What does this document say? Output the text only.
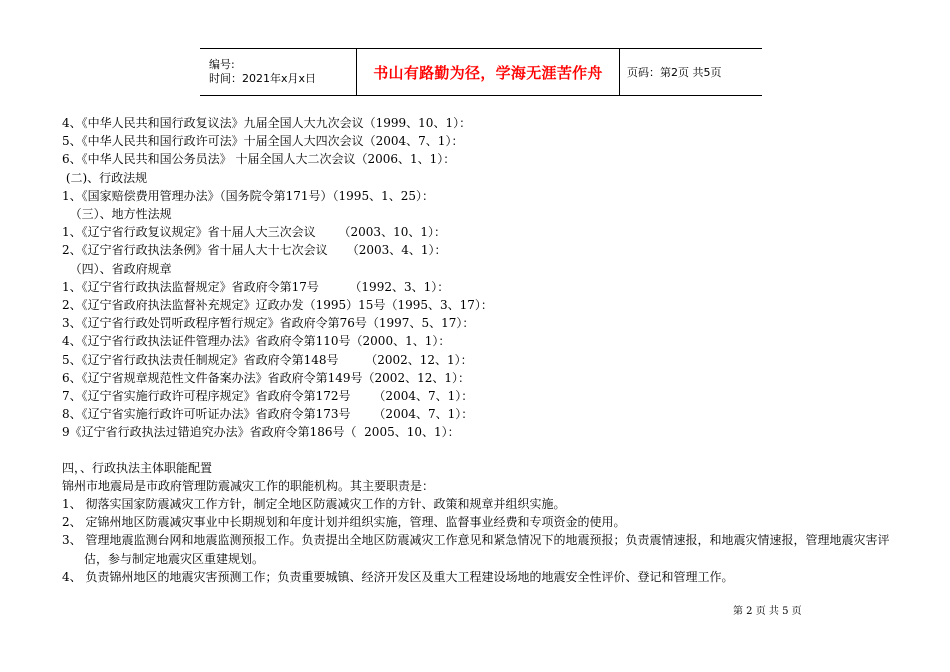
编号:
时间：2021年x月x日	书山有路勤为径，学海无涯苦作舟	页码：第2页 共5页
4、《中华人民共和国行政复议法》九届全国人大九次会议（1999、10、1）：
5、《中华人民共和国行政许可法》十届全国人大四次会议（2004、7、1）：
6、《中华人民共和国公务员法》 十届全国人大二次会议（2006、1、1）：
(二)、行政法规
1、《国家赔偿费用管理办法》（国务院令第171号）（1995、1、25）：
（三）、地方性法规
1、《辽宁省行政复议规定》省十届人大三次会议      （2003、10、1）：
2、《辽宁省行政执法条例》省十届人大十七次会议     （2003、4、1）：
（四）、省政府规章
1、《辽宁省行政执法监督规定》省政府令第17号        （1992、3、1）：
2、《辽宁省政府执法监督补充规定》辽政办发（1995）15号（1995、3、17）：
3、《辽宁省行政处罚听政程序暂行规定》省政府令第76号（1997、5、17）：
4、《辽宁省行政执法证件管理办法》省政府令第110号（2000、1、1）：
5、《辽宁省行政执法责任制规定》省政府令第148号       （2002、12、1）：
6、《辽宁省规章规范性文件备案办法》省政府令第149号（2002、12、1）：
7、《辽宁省实施行政许可程序规定》省政府令第172号      （2004、7、1）：
8、《辽宁省实施行政许可听证办法》省政府令第173号      （2004、7、1）：
9《辽宁省行政执法过错追究办法》省政府令第186号（  2005、10、1）：
四，、行政执法主体职能配置
锦州市地震局是市政府管理防震减灾工作的职能机构。其主要职责是：
1、 彻落实国家防震减灾工作方针，制定全地区防震减灾工作的方针、政策和规章并组织实施。
2、 定锦州地区防震减灾事业中长期规划和年度计划并组织实施，管理、监督事业经费和专项资金的使用。
3、 管理地震监测台网和地震监测预报工作。负责提出全地区防震减灾工作意见和紧急情况下的地震预报；负责震情速报，和地震灾情速报，管理地震灾害评估，参与制定地震灾区重建规划。
4、 负责锦州地区的地震灾害预测工作；负责重要城镇、经济开发区及重大工程建设场地的地震安全性评价、登记和管理工作。
第 2 页 共 5 页
